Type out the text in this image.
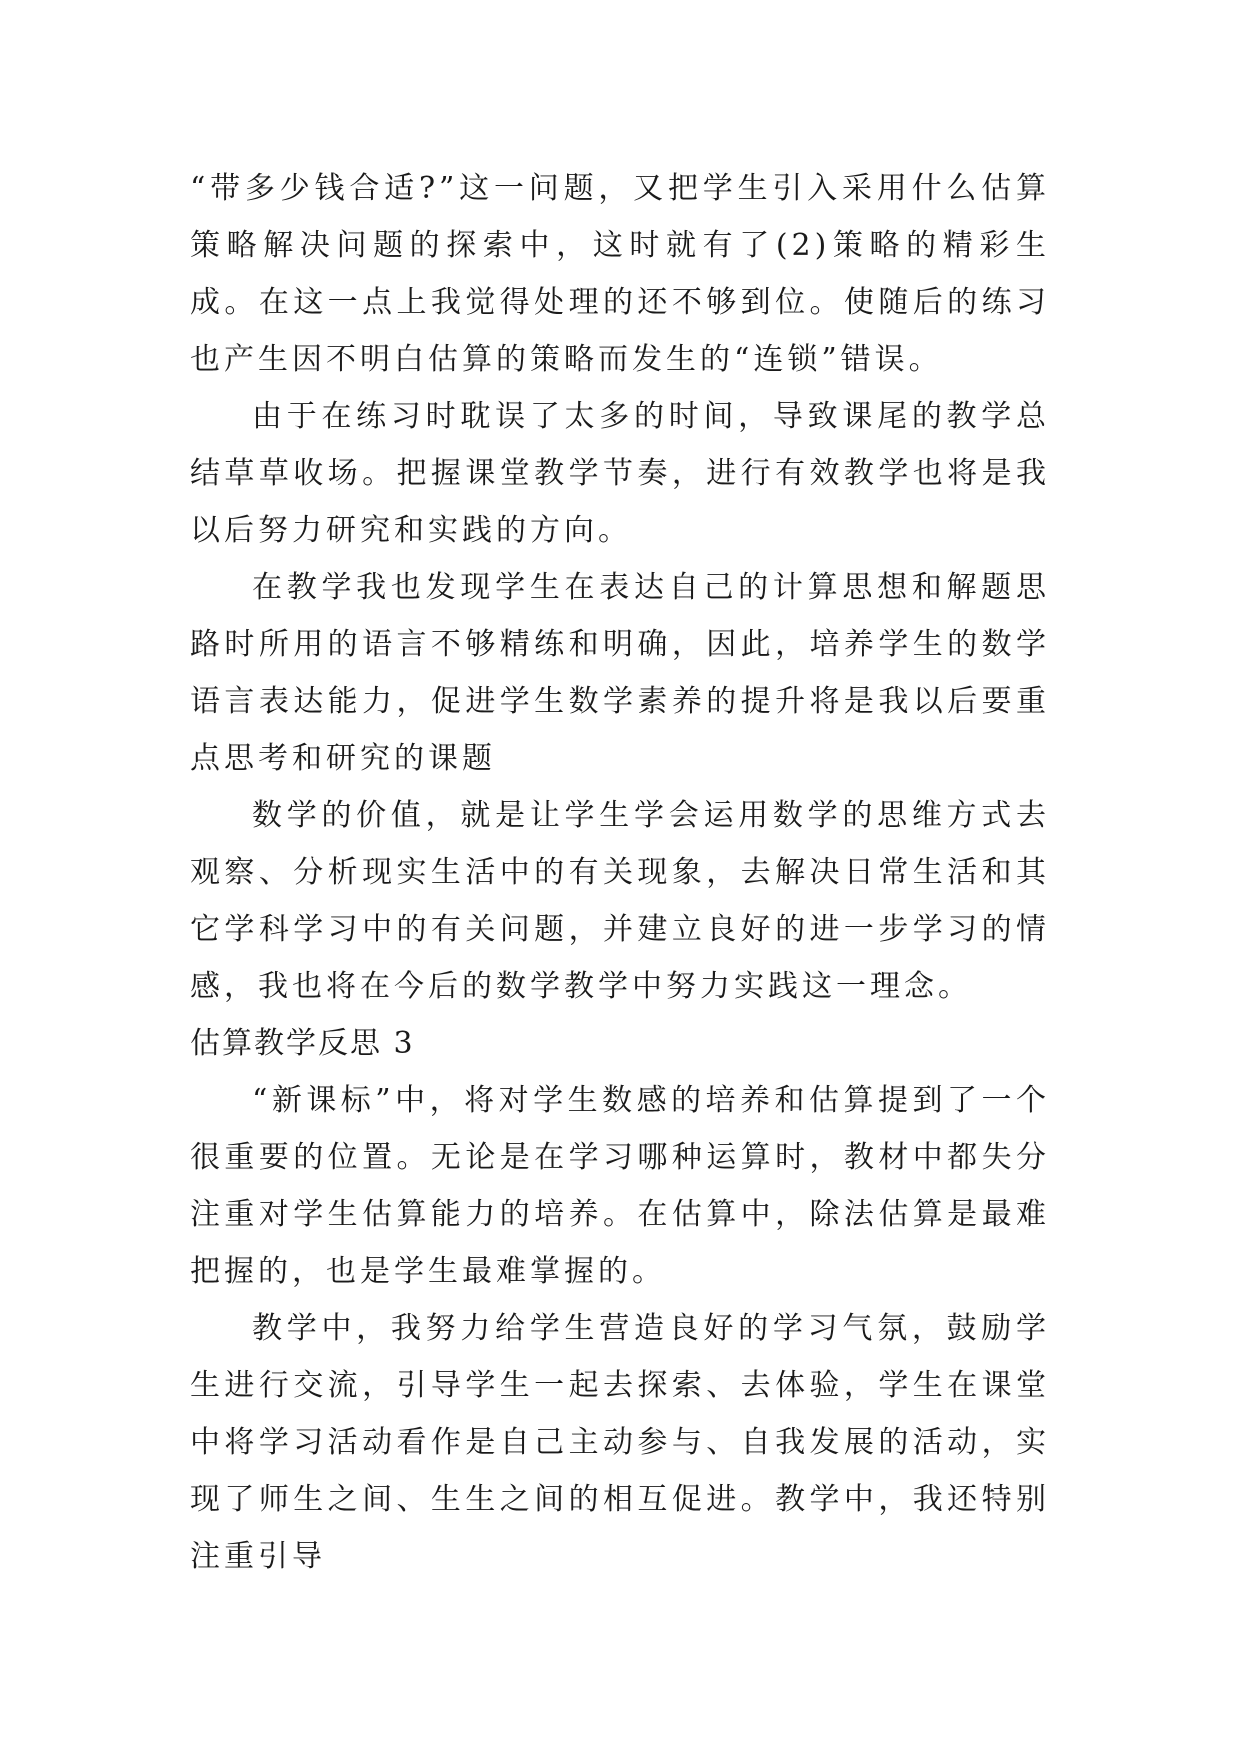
“带多少钱合适?”这一问题，又把学生引入采用什么估算策略解决问题的探索中，这时就有了(2)策略的精彩生成。在这一点上我觉得处理的还不够到位。使随后的练习也产生因不明白估算的策略而发生的“连锁”错误。

由于在练习时耽误了太多的时间，导致课尾的教学总结草草收场。把握课堂教学节奏，进行有效教学也将是我以后努力研究和实践的方向。

在教学我也发现学生在表达自己的计算思想和解题思路时所用的语言不够精练和明确，因此，培养学生的数学语言表达能力，促进学生数学素养的提升将是我以后要重点思考和研究的课题

数学的价值，就是让学生学会运用数学的思维方式去观察、分析现实生活中的有关现象，去解决日常生活和其它学科学习中的有关问题，并建立良好的进一步学习的情感，我也将在今后的数学教学中努力实践这一理念。

估算教学反思 3

“新课标”中，将对学生数感的培养和估算提到了一个很重要的位置。无论是在学习哪种运算时，教材中都失分注重对学生估算能力的培养。在估算中，除法估算是最难把握的，也是学生最难掌握的。

教学中，我努力给学生营造良好的学习气氛，鼓励学生进行交流，引导学生一起去探索、去体验，学生在课堂中将学习活动看作是自己主动参与、自我发展的活动，实现了师生之间、生生之间的相互促进。教学中，我还特别注重引导
